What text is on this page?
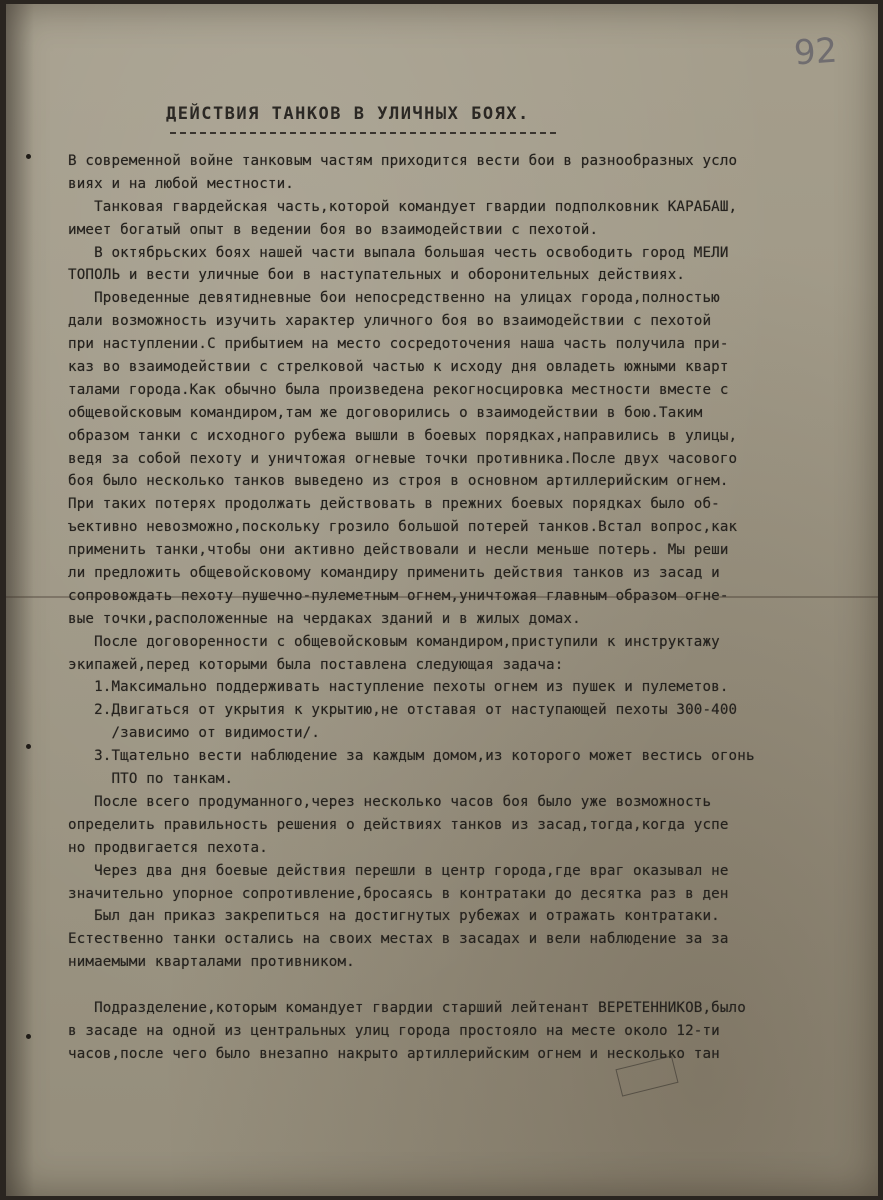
92
ДЕЙСТВИЯ ТАНКОВ В УЛИЧНЫХ БОЯХ.
В современной войне танковым частям приходится вести бои в разнообразных усло
виях и на любой местности.
Танковая гвардейская часть,которой командует гвардии подполковник КАРАБАШ,
имеет богатый опыт в ведении боя во взаимодействии с пехотой.
В октябрьских боях нашей части выпала большая честь освободить город МЕЛИ
ТОПОЛЬ и вести уличные бои в наступательных и оборонительных действиях.
Проведенные девятидневные бои непосредственно на улицах города,полностью
дали возможность изучить характер уличного боя во взаимодействии с пехотой
при наступлении.С прибытием на место сосредоточения наша часть получила при-
каз во взаимодействии с стрелковой частью к исходу дня овладеть южными кварт
талами города.Как обычно была произведена рекогносцировка местности вместе с
общевойсковым командиром,там же договорились о взаимодействии в бою.Таким
образом танки с исходного рубежа вышли в боевых порядках,направились в улицы,
ведя за собой пехоту и уничтожая огневые точки противника.После двух часового
боя было несколько танков выведено из строя в основном артиллерийским огнем.
При таких потерях продолжать действовать в прежних боевых порядках было об-
ъективно невозможно,поскольку грозило большой потерей танков.Встал вопрос,как
применить танки,чтобы они активно действовали и несли меньше потерь. Мы реши
ли предложить общевойсковому командиру применить действия танков из засад и
сопровождать пехоту пушечно-пулеметным огнем,уничтожая главным образом огне-
вые точки,расположенные на чердаках зданий и в жилых домах.
После договоренности с общевойсковым командиром,приступили к инструктажу
экипажей,перед которыми была поставлена следующая задача:
1.Максимально поддерживать наступление пехоты огнем из пушек и пулеметов.
2.Двигаться от укрытия к укрытию,не отставая от наступающей пехоты 300-400
/зависимо от видимости/.
3.Тщательно вести наблюдение за каждым домом,из которого может вестись огонь
ПТО по танкам.
После всего продуманного,через несколько часов боя было уже возможность
определить правильность решения о действиях танков из засад,тогда,когда успе
но продвигается пехота.
Через два дня боевые действия перешли в центр города,где враг оказывал не
значительно упорное сопротивление,бросаясь в контратаки до десятка раз в ден
Был дан приказ закрепиться на достигнутых рубежах и отражать контратаки.
Естественно танки остались на своих местах в засадах и вели наблюдение за за
нимаемыми кварталами противником.
Подразделение,которым командует гвардии старший лейтенант ВЕРЕТЕННИКОВ,было
в засаде на одной из центральных улиц города простояло на месте около 12-ти
часов,после чего было внезапно накрыто артиллерийским огнем и несколько тан
